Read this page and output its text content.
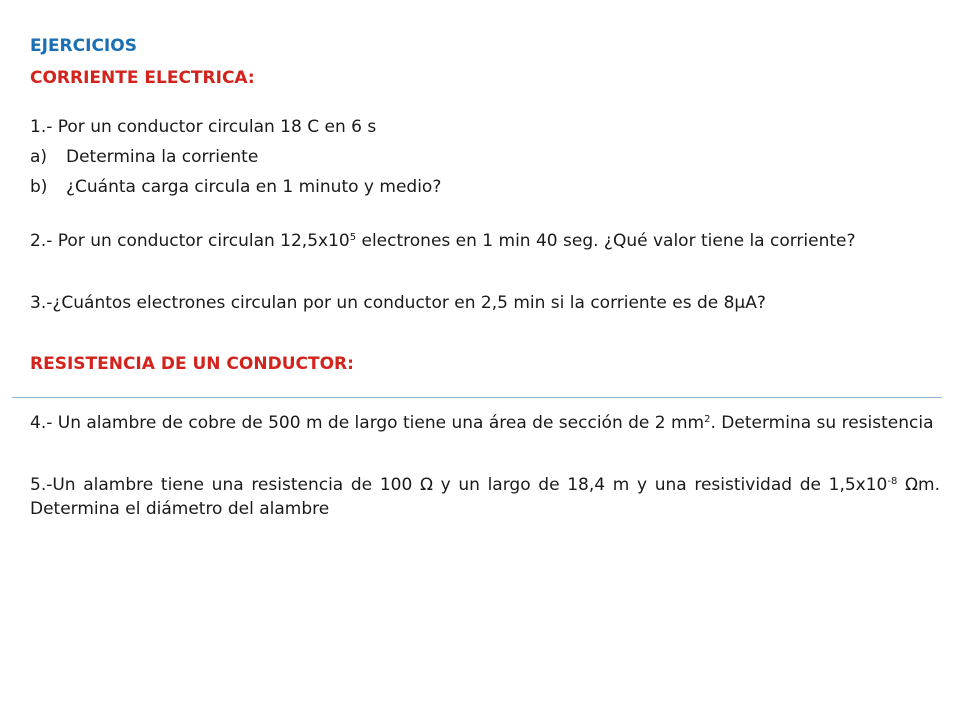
EJERCICIOS
CORRIENTE ELECTRICA:
1.- Por un conductor circulan 18 C en 6 s
a)	Determina la corriente
b)	¿Cuánta carga circula en 1 minuto y medio?
2.- Por un conductor circulan $12,5x10^5$ electrones en 1 min 40 seg. ¿Qué valor tiene la corriente?
3.-¿Cuántos electrones circulan por un conductor en 2,5 min si la corriente es de 8μA?
RESISTENCIA DE UN CONDUCTOR:
4.- Un alambre de cobre de 500 m de largo tiene una área de sección de 2 $mm^2$. Determina su resistencia
5.-Un alambre tiene una resistencia de 100 Ω y un largo de 18,4 m y una resistividad de $1,5x10^{-8}$ Ωm. Determina el diámetro del alambre
